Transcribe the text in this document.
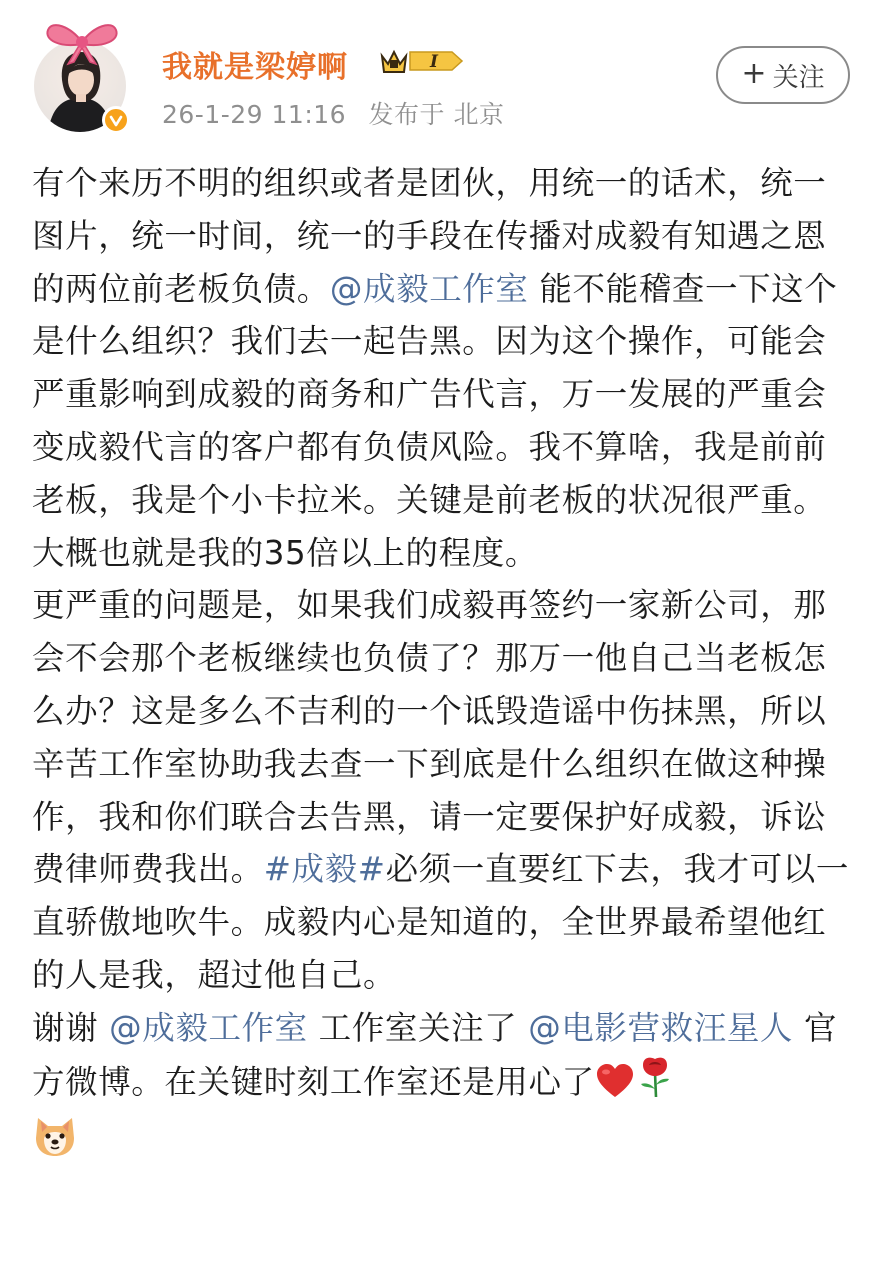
我就是梁婷啊	I
26-1-29 11:16 发布于 北京
+ 关注

有个来历不明的组织或者是团伙，用统一的话术，统一图片，统一时间，统一的手段在传播对成毅有知遇之恩的两位前老板负债。@成毅工作室 能不能稽查一下这个是什么组织？我们去一起告黑。因为这个操作，可能会严重影响到成毅的商务和广告代言，万一发展的严重会变成毅代言的客户都有负债风险。我不算啥，我是前前老板，我是个小卡拉米。关键是前老板的状况很严重。大概也就是我的35倍以上的程度。

更严重的问题是，如果我们成毅再签约一家新公司，那会不会那个老板继续也负债了？那万一他自己当老板怎么办？这是多么不吉利的一个诋毁造谣中伤抹黑，所以辛苦工作室协助我去查一下到底是什么组织在做这种操作，我和你们联合去告黑，请一定要保护好成毅，诉讼费律师费我出。#成毅#必须一直要红下去，我才可以一直骄傲地吹牛。成毅内心是知道的，全世界最希望他红的人是我，超过他自己。

谢谢 @成毅工作室 工作室关注了 @电影营救汪星人 官方微博。在关键时刻工作室还是用心了
